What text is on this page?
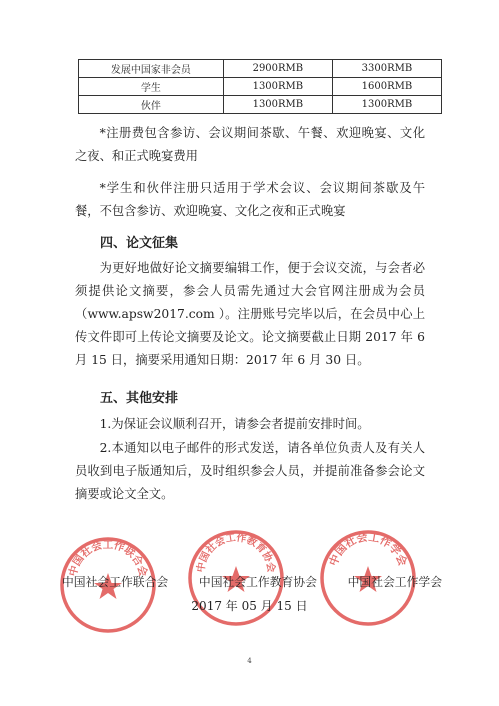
发展中国家非会员	2900RMB	3300RMB
学生	1300RMB	1600RMB
伙伴	1300RMB	1300RMB

*注册费包含参访、会议期间茶歇、午餐、欢迎晚宴、文化之夜、和正式晚宴费用

*学生和伙伴注册只适用于学术会议、会议期间茶歇及午餐，不包含参访、欢迎晚宴、文化之夜和正式晚宴

四、论文征集

为更好地做好论文摘要编辑工作，便于会议交流，与会者必须提供论文摘要，参会人员需先通过大会官网注册成为会员（www.apsw2017.com ）。注册账号完毕以后，在会员中心上传文件即可上传论文摘要及论文。论文摘要截止日期 2017 年 6 月 15 日，摘要采用通知日期：2017 年 6 月 30 日。

五、其他安排

1.为保证会议顺利召开，请参会者提前安排时间。

2.本通知以电子邮件的形式发送，请各单位负责人及有关人员收到电子版通知后，及时组织参会人员，并提前准备参会论文摘要或论文全文。

中国社会工作联合会	中国社会工作教育协会	中国社会工作学会
中国社会工作联合会	中国社会工作教育协会	中国社会工作学会
2017 年 05 月 15 日
4
